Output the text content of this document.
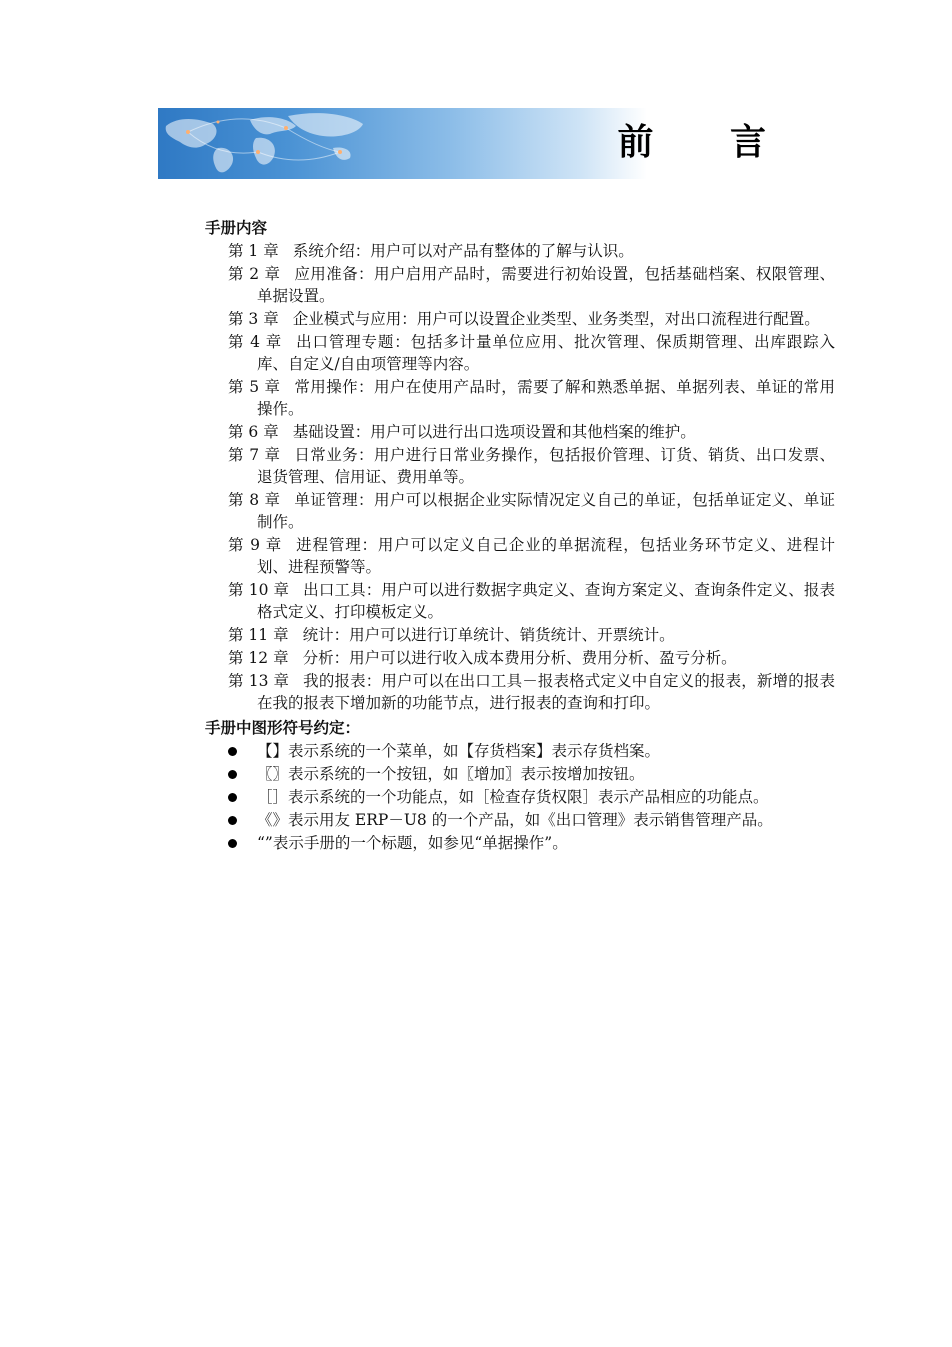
前 言
手册内容
第 1 章 系统介绍：用户可以对产品有整体的了解与认识。
第 2 章 应用准备：用户启用产品时，需要进行初始设置，包括基础档案、权限管理、单据设置。
第 3 章 企业模式与应用：用户可以设置企业类型、业务类型，对出口流程进行配置。
第 4 章 出口管理专题：包括多计量单位应用、批次管理、保质期管理、出库跟踪入库、自定义/自由项管理等内容。
第 5 章 常用操作：用户在使用产品时，需要了解和熟悉单据、单据列表、单证的常用操作。
第 6 章 基础设置：用户可以进行出口选项设置和其他档案的维护。
第 7 章 日常业务：用户进行日常业务操作，包括报价管理、订货、销货、出口发票、退货管理、信用证、费用单等。
第 8 章 单证管理：用户可以根据企业实际情况定义自己的单证，包括单证定义、单证制作。
第 9 章 进程管理：用户可以定义自己企业的单据流程，包括业务环节定义、进程计划、进程预警等。
第 10 章 出口工具：用户可以进行数据字典定义、查询方案定义、查询条件定义、报表格式定义、打印模板定义。
第 11 章 统计：用户可以进行订单统计、销货统计、开票统计。
第 12 章 分析：用户可以进行收入成本费用分析、费用分析、盈亏分析。
第 13 章 我的报表：用户可以在出口工具－报表格式定义中自定义的报表，新增的报表在我的报表下增加新的功能节点，进行报表的查询和打印。
手册中图形符号约定：
【】表示系统的一个菜单，如【存货档案】表示存货档案。
〖〗表示系统的一个按钮，如〖增加〗表示按增加按钮。
［］表示系统的一个功能点，如［检查存货权限］表示产品相应的功能点。
《》表示用友 ERP－U8 的一个产品，如《出口管理》表示销售管理产品。
“”表示手册的一个标题，如参见“单据操作”。
